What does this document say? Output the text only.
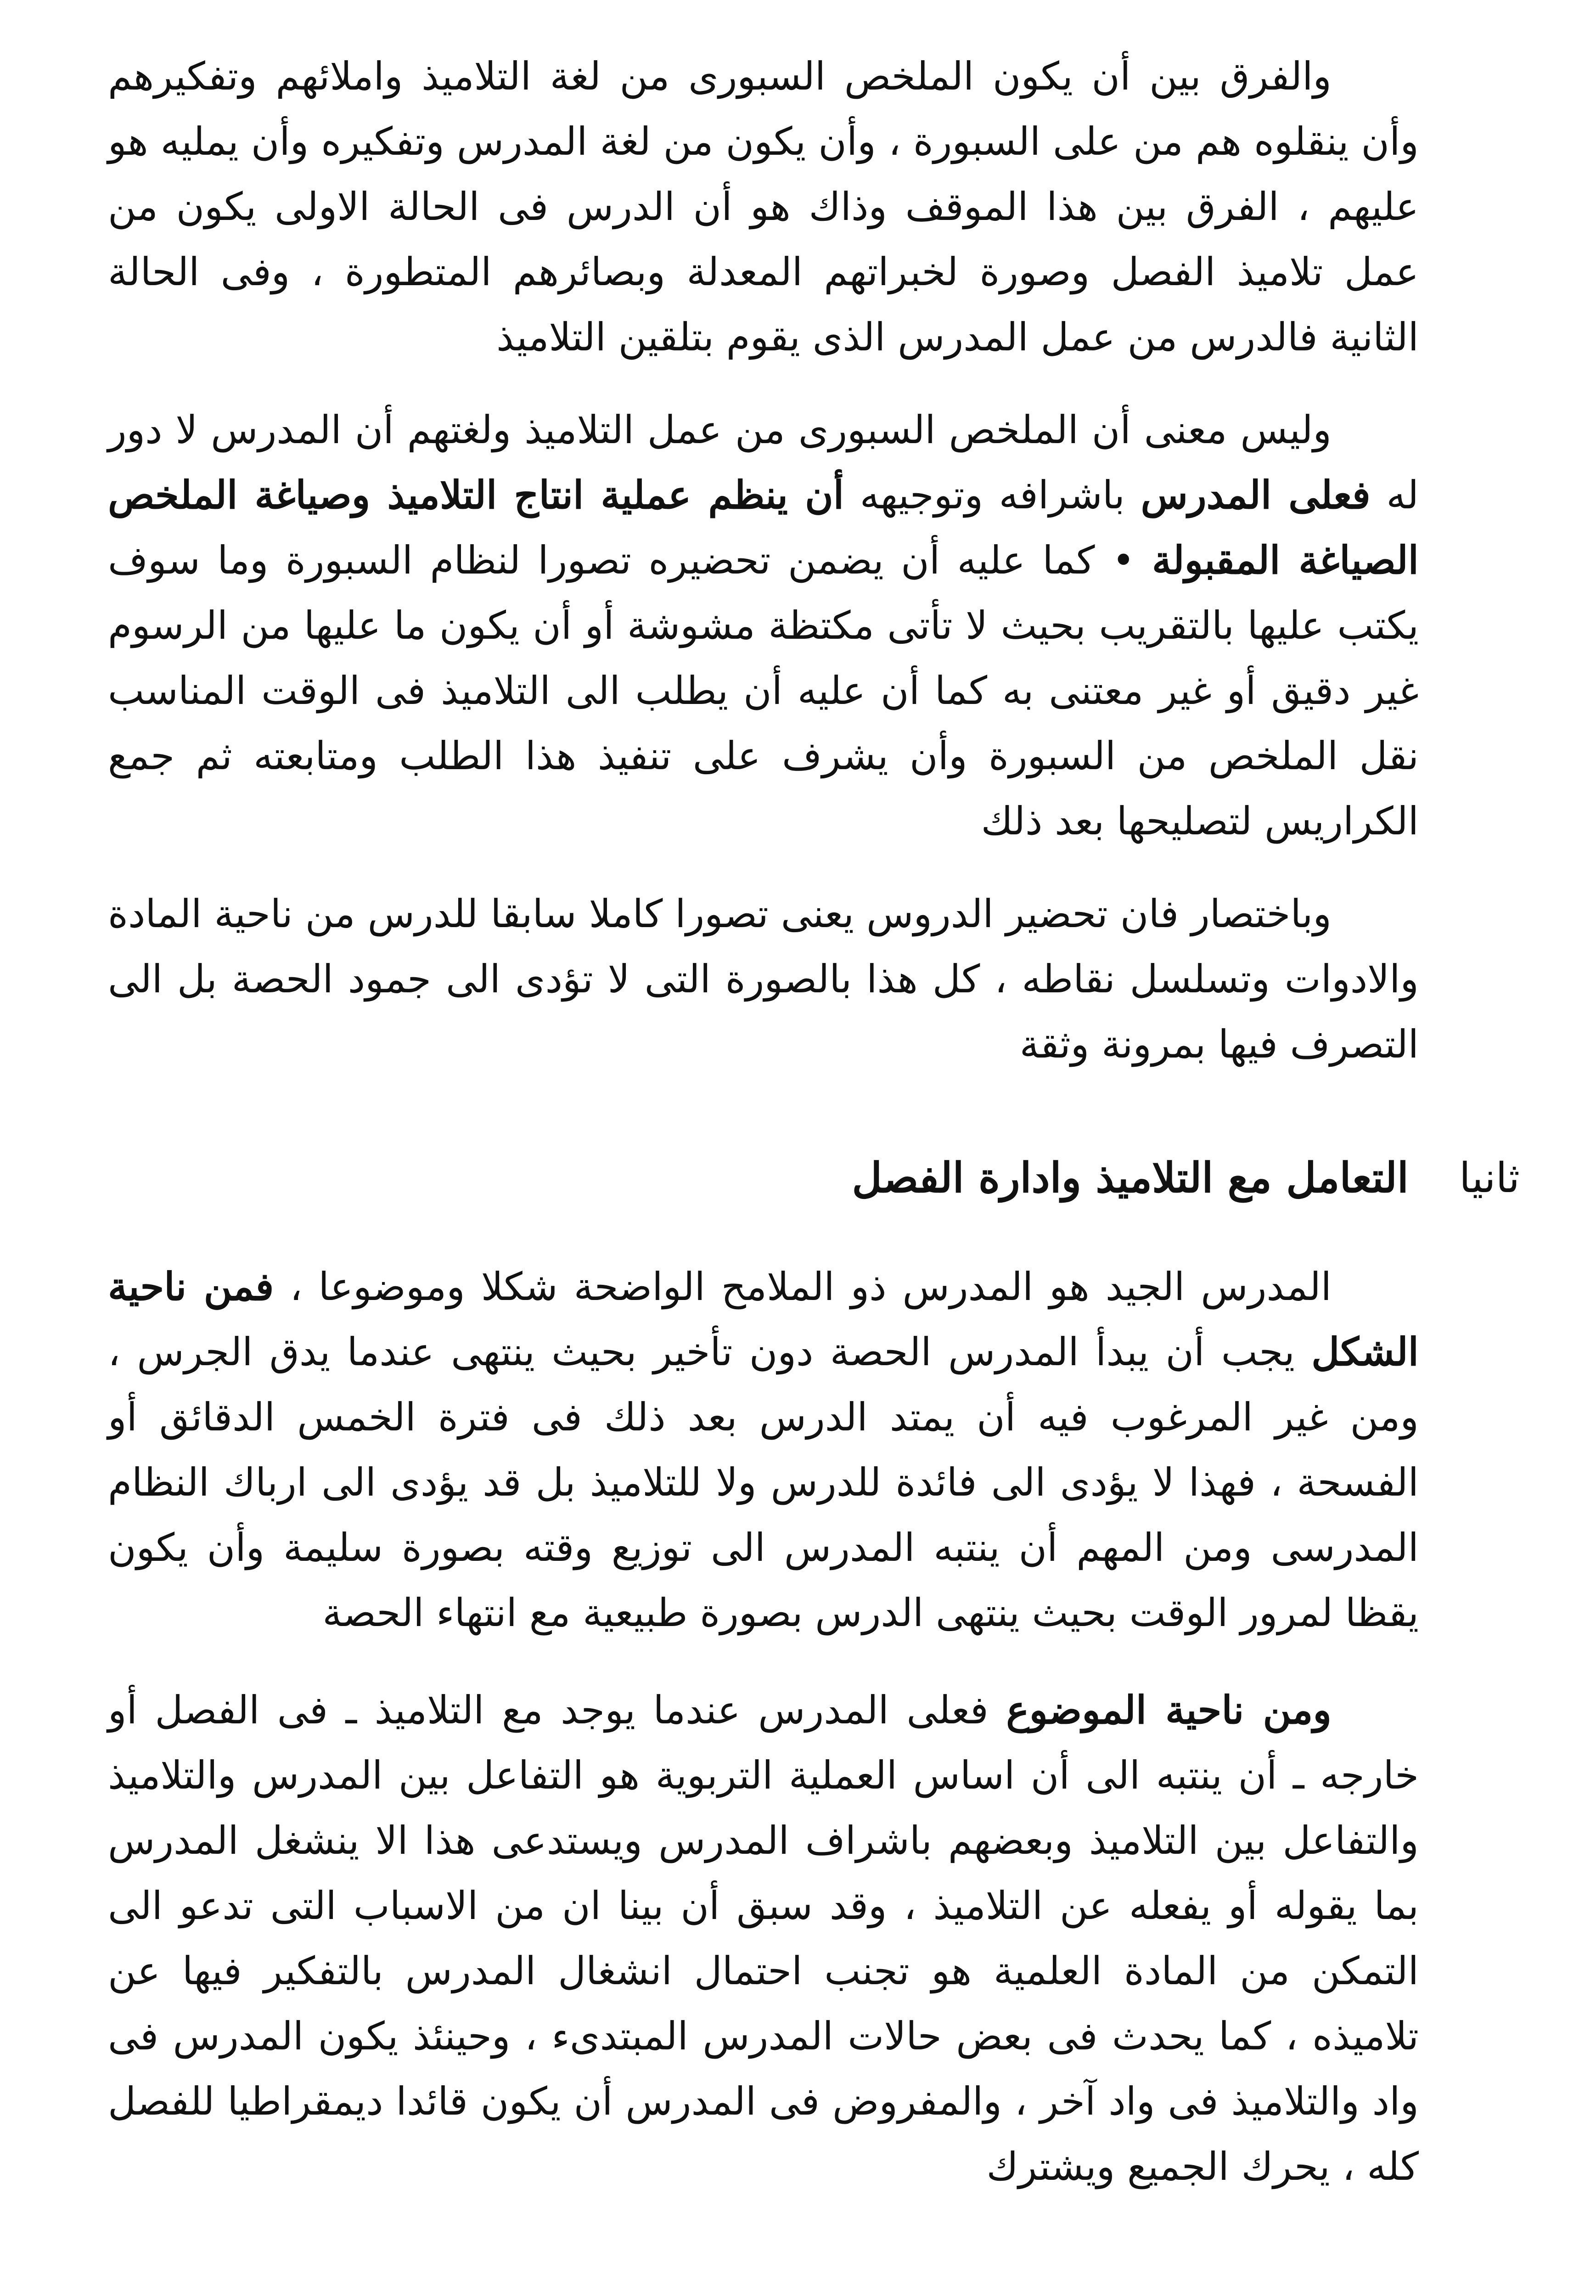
والفرق بين أن يكون الملخص السبورى من لغة التلاميذ واملائهم وتفكيرهم وأن ينقلوه هم من على السبورة ، وأن يكون من لغة المدرس وتفكيره وأن يمليه هو عليهم ، الفرق بين هذا الموقف وذاك هو أن الدرس فى الحالة الاولى يكون من عمل تلاميذ الفصل وصورة لخبراتهم المعدلة وبصائرهم المتطورة ، وفى الحالة الثانية فالدرس من عمل المدرس الذى يقوم بتلقين التلاميذ

وليس معنى أن الملخص السبورى من عمل التلاميذ ولغتهم أن المدرس لا دور له فعلى المدرس باشرافه وتوجيهه أن ينظم عملية انتاج التلاميذ وصياغة الملخص الصياغة المقبولة • كما عليه أن يضمن تحضيره تصورا لنظام السبورة وما سوف يكتب عليها بالتقريب بحيث لا تأتى مكتظة مشوشة أو أن يكون ما عليها من الرسوم غير دقيق أو غير معتنى به كما أن عليه أن يطلب الى التلاميذ فى الوقت المناسب نقل الملخص من السبورة وأن يشرف على تنفيذ هذا الطلب ومتابعته ثم جمع الكراريس لتصليحها بعد ذلك

وباختصار فان تحضير الدروس يعنى تصورا كاملا سابقا للدرس من ناحية المادة والادوات وتسلسل نقاطه ، كل هذا بالصورة التى لا تؤدى الى جمود الحصة بل الى التصرف فيها بمرونة وثقة

ثانياالتعامل مع التلاميذ وادارة الفصل

المدرس الجيد هو المدرس ذو الملامح الواضحة شكلا وموضوعا ، فمن ناحية الشكل يجب أن يبدأ المدرس الحصة دون تأخير بحيث ينتهى عندما يدق الجرس ، ومن غير المرغوب فيه أن يمتد الدرس بعد ذلك فى فترة الخمس الدقائق أو الفسحة ، فهذا لا يؤدى الى فائدة للدرس ولا للتلاميذ بل قد يؤدى الى ارباك النظام المدرسى ومن المهم أن ينتبه المدرس الى توزيع وقته بصورة سليمة وأن يكون يقظا لمرور الوقت بحيث ينتهى الدرس بصورة طبيعية مع انتهاء الحصة

ومن ناحية الموضوع فعلى المدرس عندما يوجد مع التلاميذ ـ فى الفصل أو خارجه ـ أن ينتبه الى أن اساس العملية التربوية هو التفاعل بين المدرس والتلاميذ والتفاعل بين التلاميذ وبعضهم باشراف المدرس ويستدعى هذا الا ينشغل المدرس بما يقوله أو يفعله عن التلاميذ ، وقد سبق أن بينا ان من الاسباب التى تدعو الى التمكن من المادة العلمية هو تجنب احتمال انشغال المدرس بالتفكير فيها عن تلاميذه ، كما يحدث فى بعض حالات المدرس المبتدىء ، وحينئذ يكون المدرس فى واد والتلاميذ فى واد آخر ، والمفروض فى المدرس أن يكون قائدا ديمقراطيا للفصل كله ، يحرك الجميع ويشترك
